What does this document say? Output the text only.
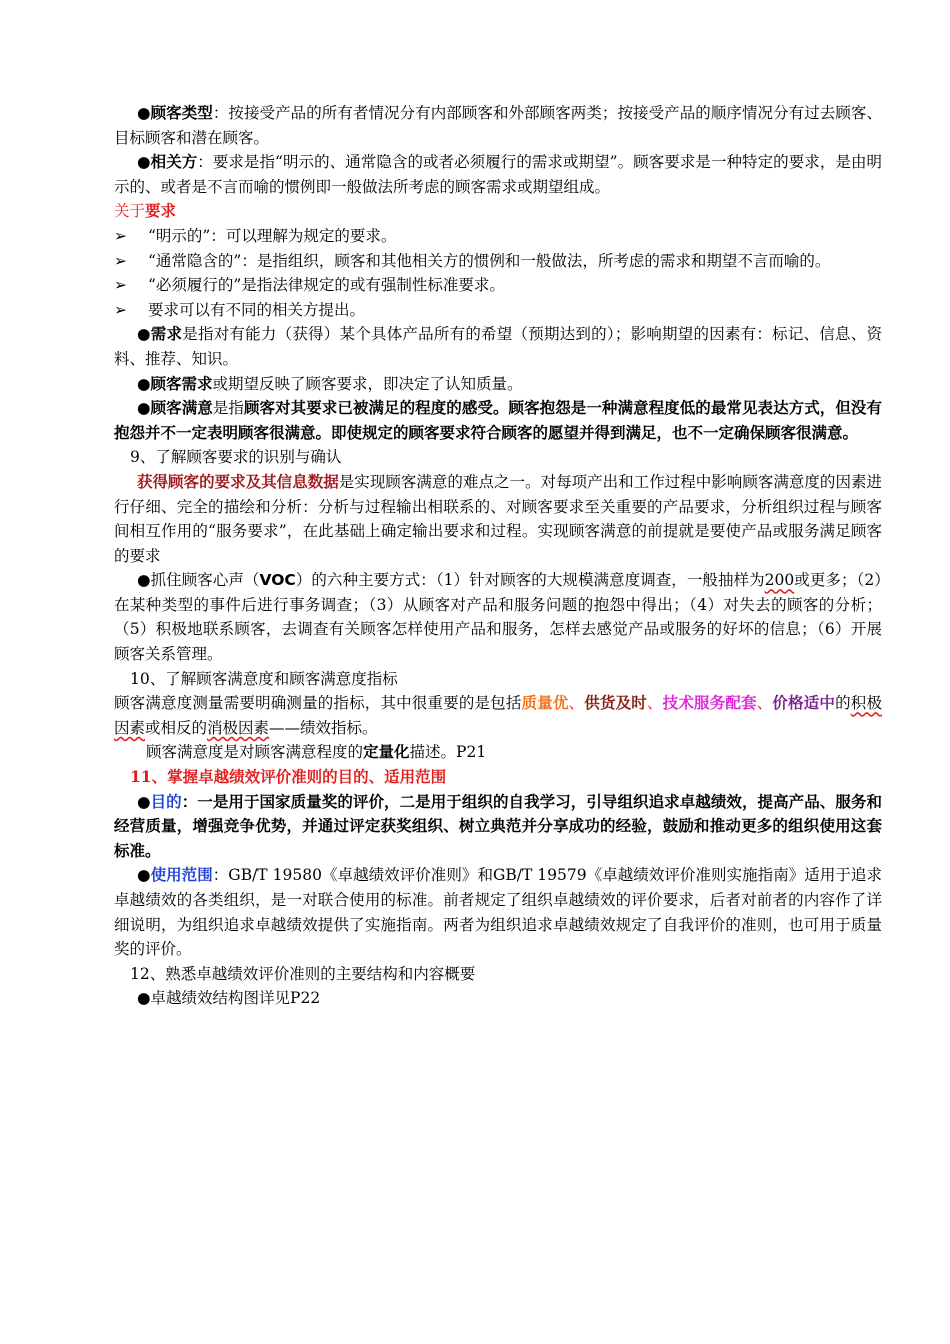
●顾客类型：按接受产品的所有者情况分有内部顾客和外部顾客两类；按接受产品的顺序情况分有过去顾客、目标顾客和潜在顾客。

●相关方：要求是指“明示的、通常隐含的或者必须履行的需求或期望”。顾客要求是一种特定的要求，是由明示的、或者是不言而喻的惯例即一般做法所考虑的顾客需求或期望组成。

关于要求

➢ “明示的”：可以理解为规定的要求。

➢ “通常隐含的”：是指组织，顾客和其他相关方的惯例和一般做法，所考虑的需求和期望不言而喻的。

➢ “必须履行的”是指法律规定的或有强制性标准要求。

➢ 要求可以有不同的相关方提出。

●需求是指对有能力（获得）某个具体产品所有的希望（预期达到的）；影响期望的因素有：标记、信息、资料、推荐、知识。

●顾客需求或期望反映了顾客要求，即决定了认知质量。

●顾客满意是指顾客对其要求已被满足的程度的感受。顾客抱怨是一种满意程度低的最常见表达方式，但没有抱怨并不一定表明顾客很满意。即使规定的顾客要求符合顾客的愿望并得到满足，也不一定确保顾客很满意。

9、了解顾客要求的识别与确认

获得顾客的要求及其信息数据是实现顾客满意的难点之一。对每项产出和工作过程中影响顾客满意度的因素进行仔细、完全的描绘和分析：分析与过程输出相联系的、对顾客要求至关重要的产品要求，分析组织过程与顾客间相互作用的“服务要求”，在此基础上确定输出要求和过程。实现顾客满意的前提就是要使产品或服务满足顾客的要求

●抓住顾客心声（VOC）的六种主要方式：（1）针对顾客的大规模满意度调查，一般抽样为200或更多；（2）在某种类型的事件后进行事务调查；（3）从顾客对产品和服务问题的抱怨中得出；（4）对失去的顾客的分析；（5）积极地联系顾客，去调查有关顾客怎样使用产品和服务，怎样去感觉产品或服务的好坏的信息；（6）开展顾客关系管理。

10、了解顾客满意度和顾客满意度指标

顾客满意度测量需要明确测量的指标，其中很重要的是包括质量优、供货及时、技术服务配套、价格适中的积极因素或相反的消极因素——绩效指标。

顾客满意度是对顾客满意程度的定量化描述。P21

11、掌握卓越绩效评价准则的目的、适用范围

●目的：一是用于国家质量奖的评价，二是用于组织的自我学习，引导组织追求卓越绩效，提高产品、服务和经营质量，增强竞争优势，并通过评定获奖组织、树立典范并分享成功的经验，鼓励和推动更多的组织使用这套标准。

●使用范围：GB/T 19580《卓越绩效评价准则》和GB/T 19579《卓越绩效评价准则实施指南》适用于追求卓越绩效的各类组织，是一对联合使用的标准。前者规定了组织卓越绩效的评价要求，后者对前者的内容作了详细说明，为组织追求卓越绩效提供了实施指南。两者为组织追求卓越绩效规定了自我评价的准则，也可用于质量奖的评价。

12、熟悉卓越绩效评价准则的主要结构和内容概要

●卓越绩效结构图详见P22
